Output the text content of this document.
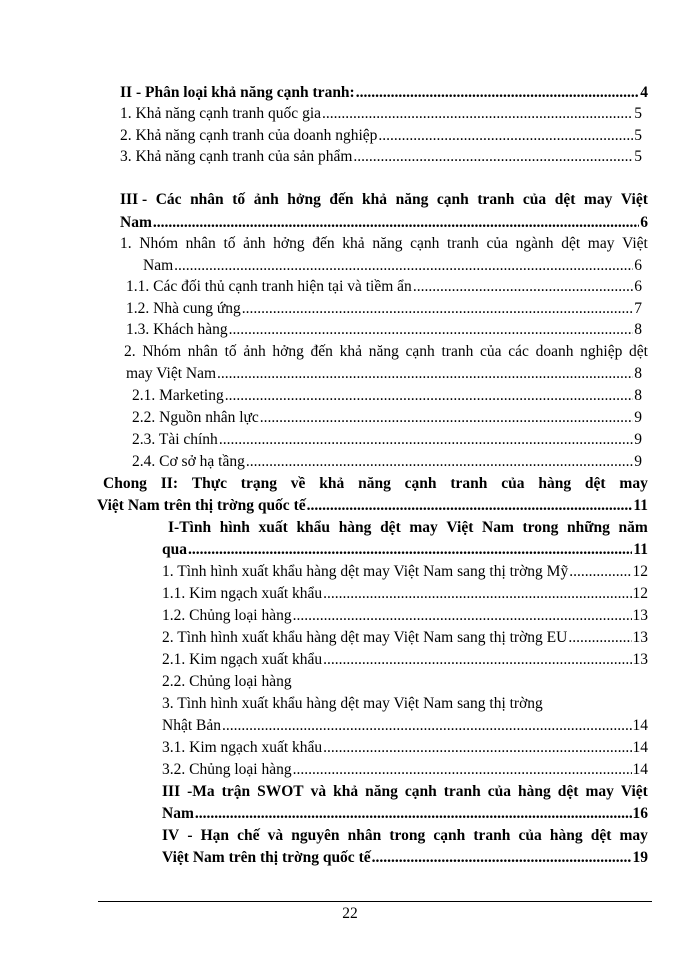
II - Phân loại khả năng cạnh tranh: .....	4
1. Khả năng cạnh tranh quốc gia .....	5
2. Khả năng cạnh tranh của doanh nghiệp .....	5
3. Khả năng cạnh tranh của sản phẩm .....	5
III - Các nhân tố ảnh hởng đến khả năng cạnh tranh của dệt may Việt
Nam .....	6
1. Nhóm nhân tố ảnh hởng đến khả năng cạnh tranh của ngành dệt may Việt
Nam .....	6
1.1. Các đối thủ cạnh tranh hiện tại và tiềm ẩn .....	6
1.2. Nhà cung ứng .....	7
1.3. Khách hàng .....	8
2. Nhóm nhân tố ảnh hởng đến khả năng cạnh tranh của các doanh nghiệp dệt
may Việt Nam .....	8
2.1. Marketing .....	8
2.2. Nguồn nhân lực .....	9
2.3. Tài chính .....	9
2.4. Cơ sở hạ tầng .....	9
Chong II: Thực trạng về khả năng cạnh tranh của hàng dệt may
Việt Nam trên thị trờng quốc tế .....	11
I-Tình hình xuất khẩu hàng dệt may Việt Nam trong những năm
qua .....	11
1. Tình hình xuất khẩu hàng dệt may Việt Nam sang thị trờng Mỹ .....	12
1.1. Kim ngạch xuất khẩu .....	12
1.2. Chủng loại hàng .....	13
2. Tình hình xuất khẩu hàng dệt may Việt Nam sang thị trờng EU .....	13
2.1. Kim ngạch xuất khẩu .....	13
2.2. Chủng loại hàng
3. Tình hình xuất khẩu hàng dệt may Việt Nam sang thị trờng
Nhật Bản .....	14
3.1. Kim ngạch xuất khẩu .....	14
3.2. Chủng loại hàng .....	14
III -Ma trận SWOT và khả năng cạnh tranh của hàng dệt may Việt
Nam .....	16
IV - Hạn chế và nguyên nhân trong cạnh tranh của hàng dệt may
Việt Nam trên thị trờng quốc tế .....	19
22
